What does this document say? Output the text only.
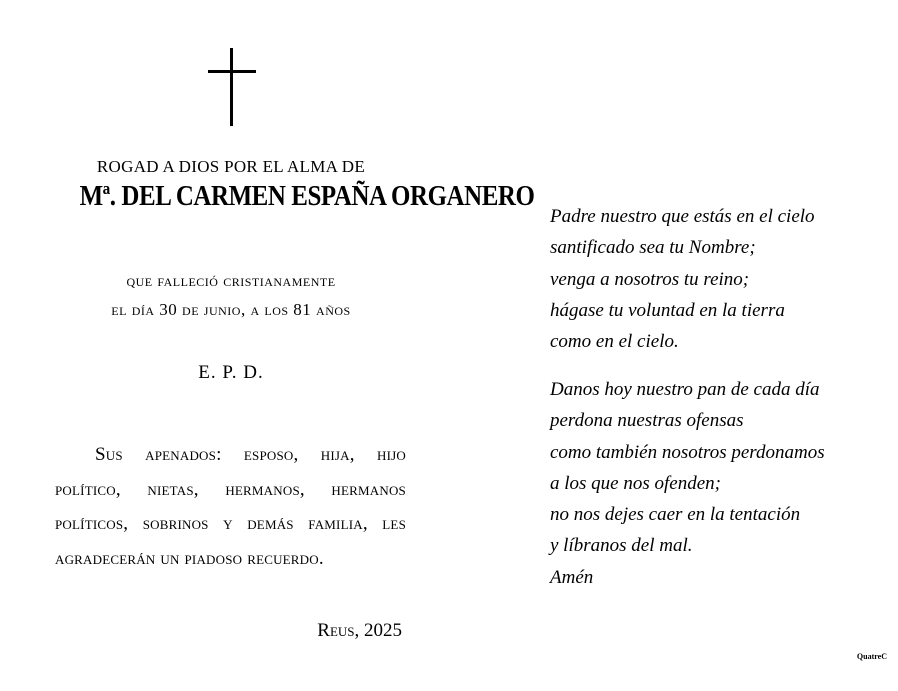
ROGAD A DIOS POR EL ALMA DE
Mª. DEL CARMEN ESPAÑA ORGANERO
que falleció cristianamente
el día 30 de junio, a los 81 años
E. P. D.
Sus apenados: esposo, hija, hijo político, nietas, hermanos, hermanos políticos, sobrinos y demás familia, les agradecerán un piadoso recuerdo.
Reus, 2025
Padre nuestro que estás en el cielo
santificado sea tu Nombre;
venga a nosotros tu reino;
hágase tu voluntad en la tierra
como en el cielo.
Danos hoy nuestro pan de cada día
perdona nuestras ofensas
como también nosotros perdonamos
a los que nos ofenden;
no nos dejes caer en la tentación
y líbranos del mal.
Amén
QuatreC
